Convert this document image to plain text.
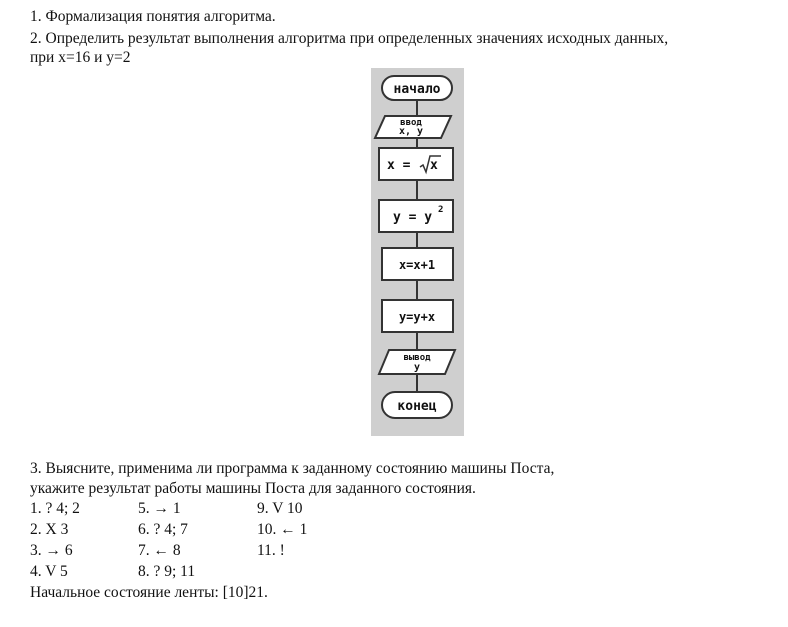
1. Формализация понятия алгоритма.
2. Определить результат выполнения алгоритма при определенных значениях исходных данных,
при x=16 и y=2
начало
ввод
x, y
x = x
y = y 2
x=x+1
y=y+x
вывод
y
конец
3. Выясните, применима ли программа к заданному состоянию машины Поста,
укажите результат работы машины Поста для заданного состояния.
1. ? 4; 2	5. → 1	9. V 10
2. X 3	6. ? 4; 7	10. ← 1
3. → 6	7. ← 8	11. !
4. V 5	8. ? 9; 11
Начальное состояние ленты: [10]21.
